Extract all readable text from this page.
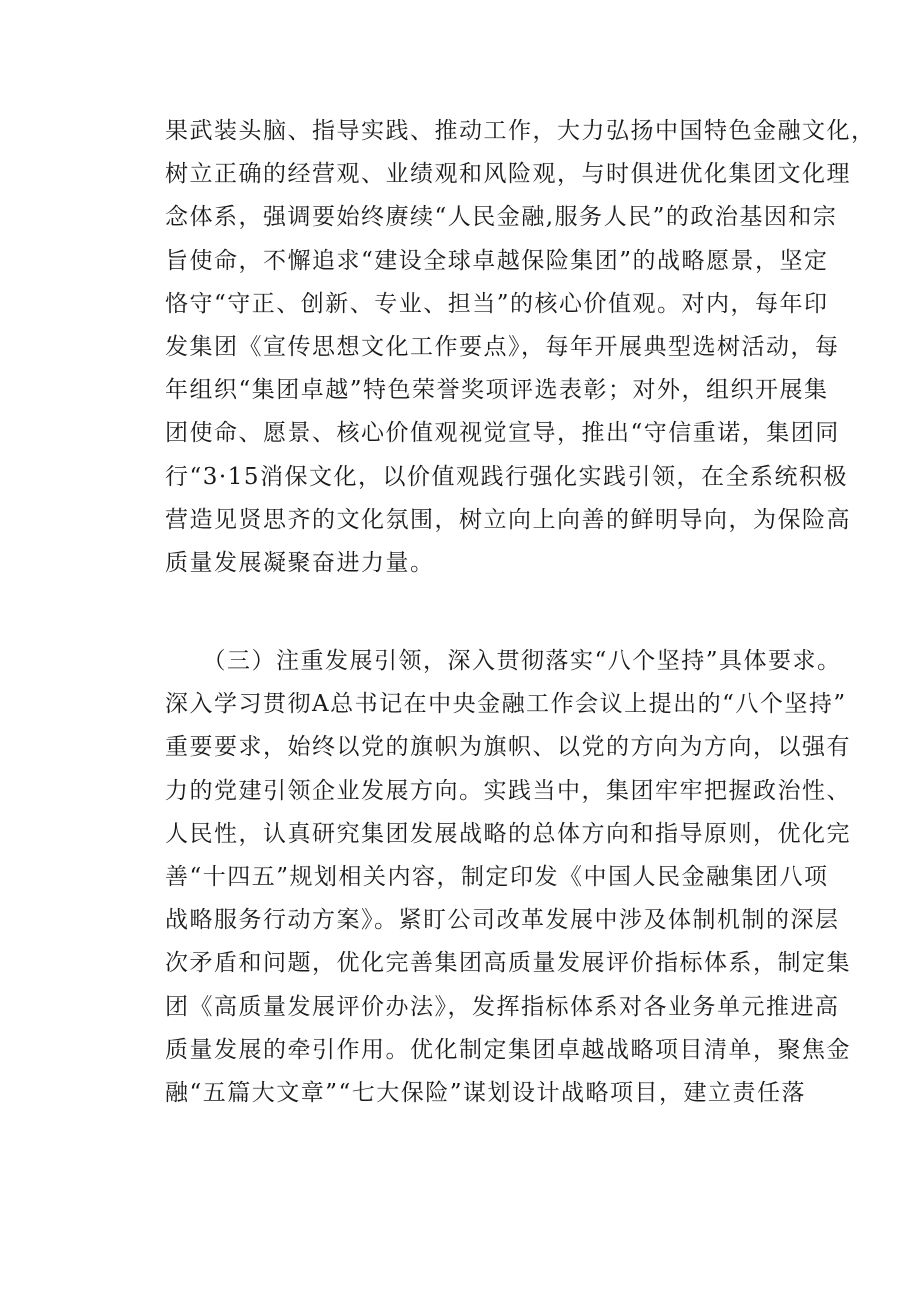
果武装头脑、指导实践、推动工作，大力弘扬中国特色金融文化，
树立正确的经营观、业绩观和风险观，与时俱进优化集团文化理
念体系，强调要始终赓续“人民金融,服务人民”的政治基因和宗
旨使命，不懈追求“建设全球卓越保险集团”的战略愿景，坚定
恪守“守正、创新、专业、担当”的核心价值观。对内，每年印
发集团《宣传思想文化工作要点》，每年开展典型选树活动，每
年组织“集团卓越”特色荣誉奖项评选表彰；对外，组织开展集
团使命、愿景、核心价值观视觉宣导，推出“守信重诺，集团同
行“3·15消保文化，以价值观践行强化实践引领，在全系统积极
营造见贤思齐的文化氛围，树立向上向善的鲜明导向，为保险高
质量发展凝聚奋进力量。
　　（三）注重发展引领，深入贯彻落实“八个坚持”具体要求。
深入学习贯彻A总书记在中央金融工作会议上提出的“八个坚持”
重要要求，始终以党的旗帜为旗帜、以党的方向为方向，以强有
力的党建引领企业发展方向。实践当中，集团牢牢把握政治性、
人民性，认真研究集团发展战略的总体方向和指导原则，优化完
善“十四五”规划相关内容，制定印发《中国人民金融集团八项
战略服务行动方案》。紧盯公司改革发展中涉及体制机制的深层
次矛盾和问题，优化完善集团高质量发展评价指标体系，制定集
团《高质量发展评价办法》，发挥指标体系对各业务单元推进高
质量发展的牵引作用。优化制定集团卓越战略项目清单，聚焦金
融“五篇大文章”“七大保险”谋划设计战略项目，建立责任落
